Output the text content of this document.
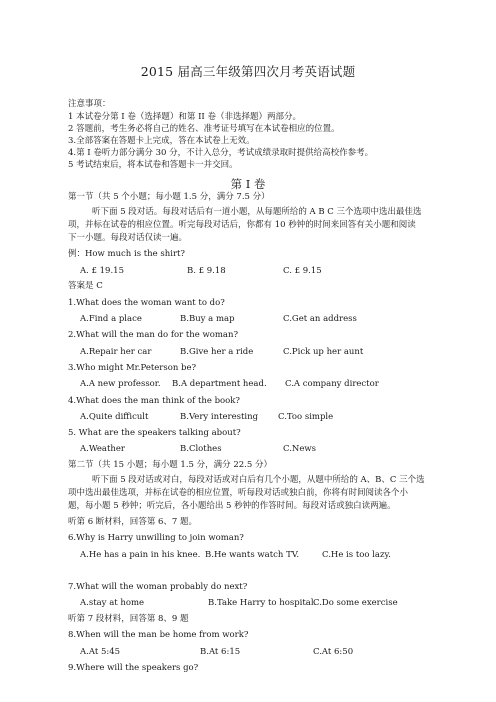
2015 届高三年级第四次月考英语试题
注意事项：
1 本试卷分第 I 卷（选择题）和第 II 卷（非选择题）两部分。
2 答题前，考生务必将自己的姓名、准考证号填写在本试卷相应的位置。
3.全部答案在答题卡上完成，答在本试卷上无效。
4.第 I 卷听力部分满分 30 分，不计入总分，考试成绩录取时提供给高校作参考。
5 考试结束后，将本试卷和答题卡一并交回。
第 I 卷
第一节（共 5 个小题；每小题 1.5 分，满分 7.5 分）
听下面 5 段对话。每段对话后有一道小题，从每题所给的 A B C 三个选项中选出最佳选
项，并标在试卷的相应位置。听完每段对话后，你都有 10 秒钟的时间来回答有关小题和阅读
下一小题。每段对话仅读一遍。
例：How much is the shirt?
A. £ 19.15	B. £ 9.18	C. £ 9.15
答案是 C
1.What does the woman want to do?
A.Find a place	B.Buy a map	C.Get an address
2.What will the man do for the woman?
A.Repair her car	B.Give her a ride	C.Pick up her aunt
3.Who might Mr.Peterson be?
A.A new professor. B.A department head. C.A company director
4.What does the man think of the book?
A.Quite difficult	B.Very interesting C.Too simple
5. What are the speakers talking about?
A.Weather	B.Clothes	C.News
第二节（共 15 小题；每小题 1.5 分，满分 22.5 分）
听下面 5 段对话或对白，每段对话或对白后有几个小题，从题中所给的 A、B、C 三个选
项中选出最佳选项，并标在试卷的相应位置，听每段对话或独白前，你将有时间阅读各个小
题，每小题 5 秒钟；听完后，各小题给出 5 秒钟的作答时间。每段对话或独白读两遍。
听第 6 断材料，回答第 6、7 题。
6.Why is Harry unwilling to join woman?
A.He has a pain in his knee. B.He wants watch TV.	C.He is too lazy.
7.What will the woman probably do next?
A.stay at home	B.Take Harry to hospital.
C.Do some exercise
听第 7 段材料，回答第 8、9 题
8.When will the man be home from work?
A.At 5:45	B.At 6:15	C.At 6:50
9.Where will the speakers go?
